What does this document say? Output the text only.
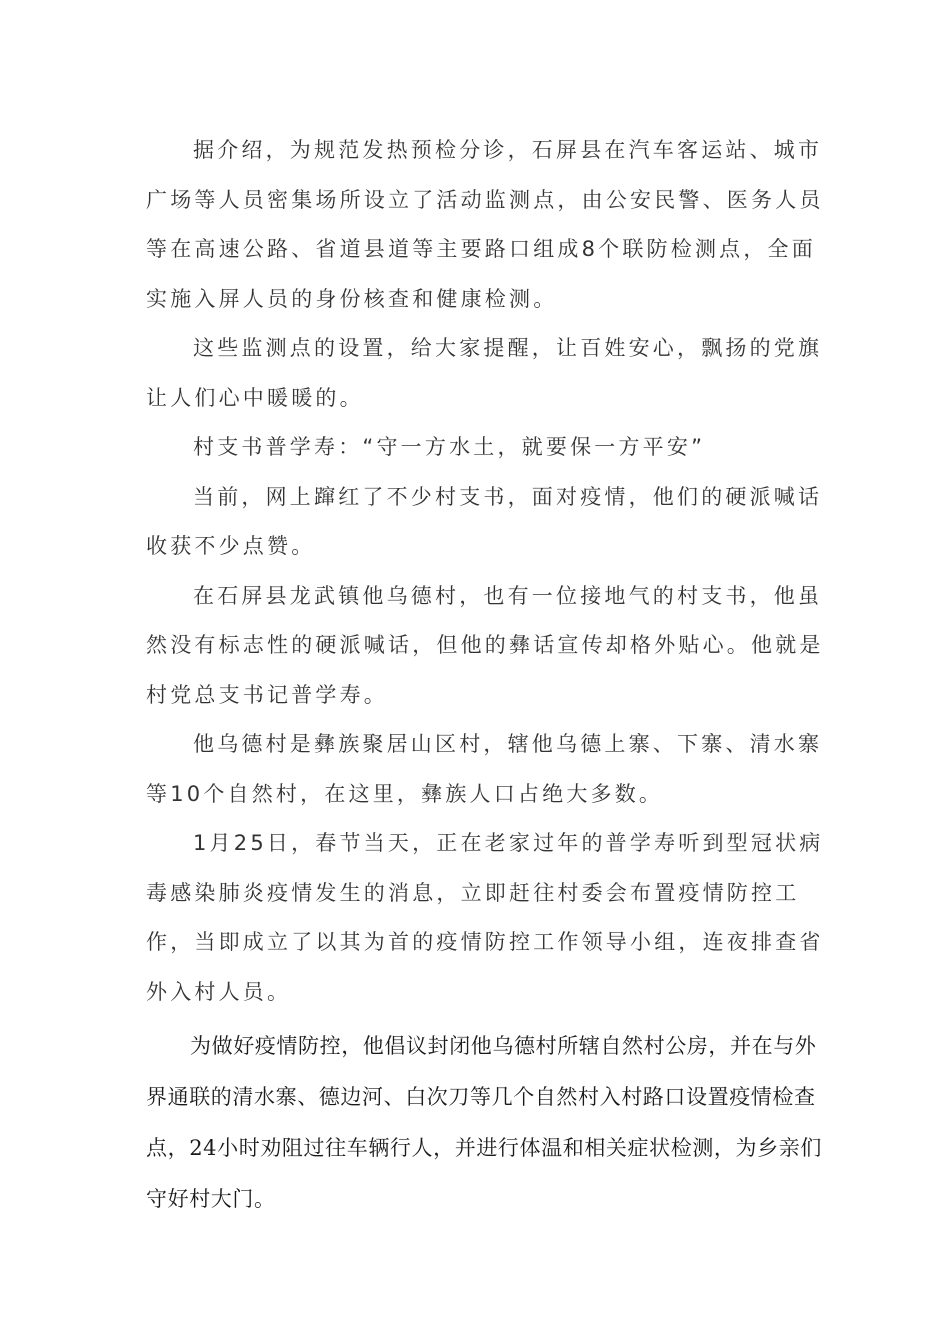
据介绍，为规范发热预检分诊，石屏县在汽车客运站、城市广场等人员密集场所设立了活动监测点，由公安民警、医务人员等在高速公路、省道县道等主要路口组成8个联防检测点，全面实施入屏人员的身份核查和健康检测。

这些监测点的设置，给大家提醒，让百姓安心，飘扬的党旗让人们心中暖暖的。

村支书普学寿：“守一方水土，就要保一方平安”

当前，网上蹿红了不少村支书，面对疫情，他们的硬派喊话收获不少点赞。

在石屏县龙武镇他乌德村，也有一位接地气的村支书，他虽然没有标志性的硬派喊话，但他的彝话宣传却格外贴心。他就是村党总支书记普学寿。

他乌德村是彝族聚居山区村，辖他乌德上寨、下寨、清水寨等10个自然村，在这里，彝族人口占绝大多数。

1月25日，春节当天，正在老家过年的普学寿听到型冠状病毒感染肺炎疫情发生的消息，立即赶往村委会布置疫情防控工作，当即成立了以其为首的疫情防控工作领导小组，连夜排查省外入村人员。

为做好疫情防控，他倡议封闭他乌德村所辖自然村公房，并在与外界通联的清水寨、德边河、白次刀等几个自然村入村路口设置疫情检查点，24小时劝阻过往车辆行人，并进行体温和相关症状检测，为乡亲们守好村大门。
